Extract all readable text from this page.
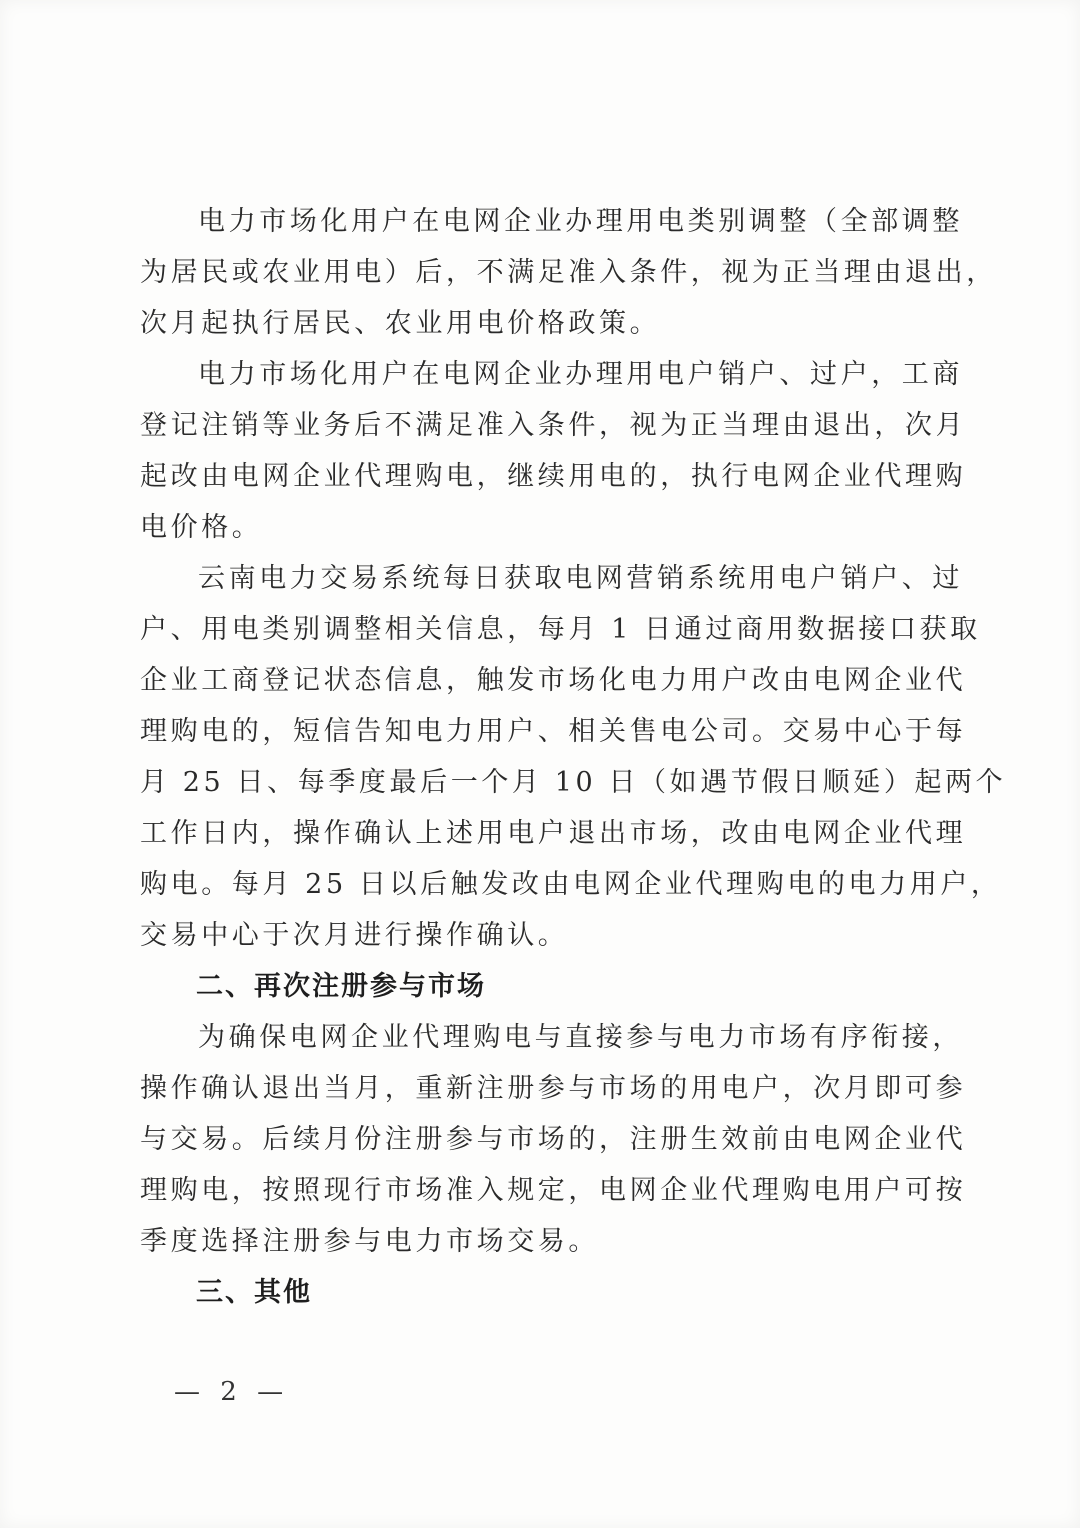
电力市场化用户在电网企业办理用电类别调整（全部调整
为居民或农业用电）后，不满足准入条件，视为正当理由退出，
次月起执行居民、农业用电价格政策。
电力市场化用户在电网企业办理用电户销户、过户，工商
登记注销等业务后不满足准入条件，视为正当理由退出，次月
起改由电网企业代理购电，继续用电的，执行电网企业代理购
电价格。
云南电力交易系统每日获取电网营销系统用电户销户、过
户、用电类别调整相关信息，每月 1 日通过商用数据接口获取
企业工商登记状态信息，触发市场化电力用户改由电网企业代
理购电的，短信告知电力用户、相关售电公司。交易中心于每
月 25 日、每季度最后一个月 10 日（如遇节假日顺延）起两个
工作日内，操作确认上述用电户退出市场，改由电网企业代理
购电。每月 25 日以后触发改由电网企业代理购电的电力用户，
交易中心于次月进行操作确认。
二、再次注册参与市场
为确保电网企业代理购电与直接参与电力市场有序衔接，
操作确认退出当月，重新注册参与市场的用电户，次月即可参
与交易。后续月份注册参与市场的，注册生效前由电网企业代
理购电，按照现行市场准入规定，电网企业代理购电用户可按
季度选择注册参与电力市场交易。
三、其他
— 2 —
